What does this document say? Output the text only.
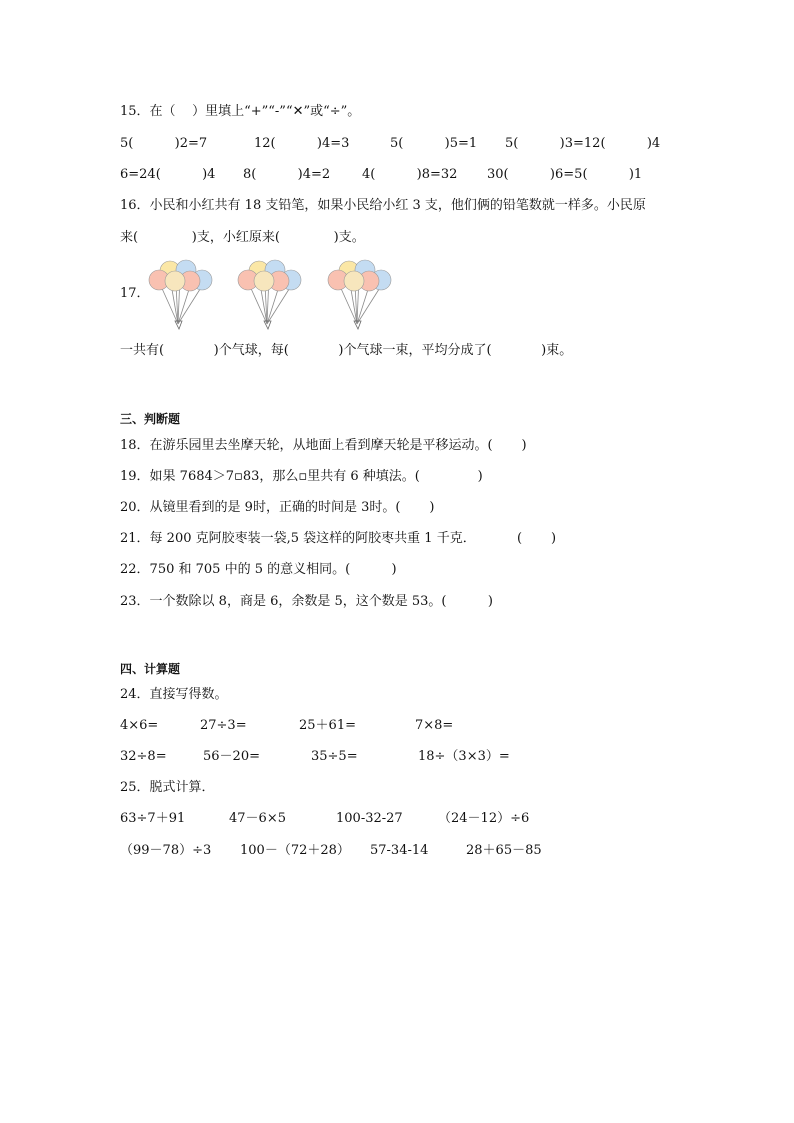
15．在（    ）里填上“+”“-”“✕”或“÷”。
5(          )2=7	12(          )4=3	5(          )5=1 5(          )3=12(          )4
6=24(          )4 8(          )4=2 4(          )8=32 30(          )6=5(          )1
16．小民和小红共有 18 支铅笔，如果小民给小红 3 支，他们俩的铅笔数就一样多。小民原
来(             )支，小红原来(             )支。
17．
一共有(            )个气球，每(            )个气球一束，平均分成了(            )束。
三、判断题
18．在游乐园里去坐摩天轮，从地面上看到摩天轮是平移运动。(       )
19．如果 7684＞7▫83，那么▫里共有 6 种填法。(              )
20．从镜里看到的是 9时，正确的时间是 3时。(       )
21．每 200 克阿胶枣装一袋,5 袋这样的阿胶枣共重 1 千克．          (       )
22．750 和 705 中的 5 的意义相同。(          )
23．一个数除以 8，商是 6，余数是 5，这个数是 53。(          )
四、计算题
24．直接写得数。
4×6=	27÷3=	25＋61=	7×8=
32÷8=	56－20=	35÷5=	18÷（3×3）=
25．脱式计算．
63÷7＋91	47－6×5	100-32-27	（24－12）÷6
（99－78）÷3 100－（72＋28） 57-34-14	28＋65－85
